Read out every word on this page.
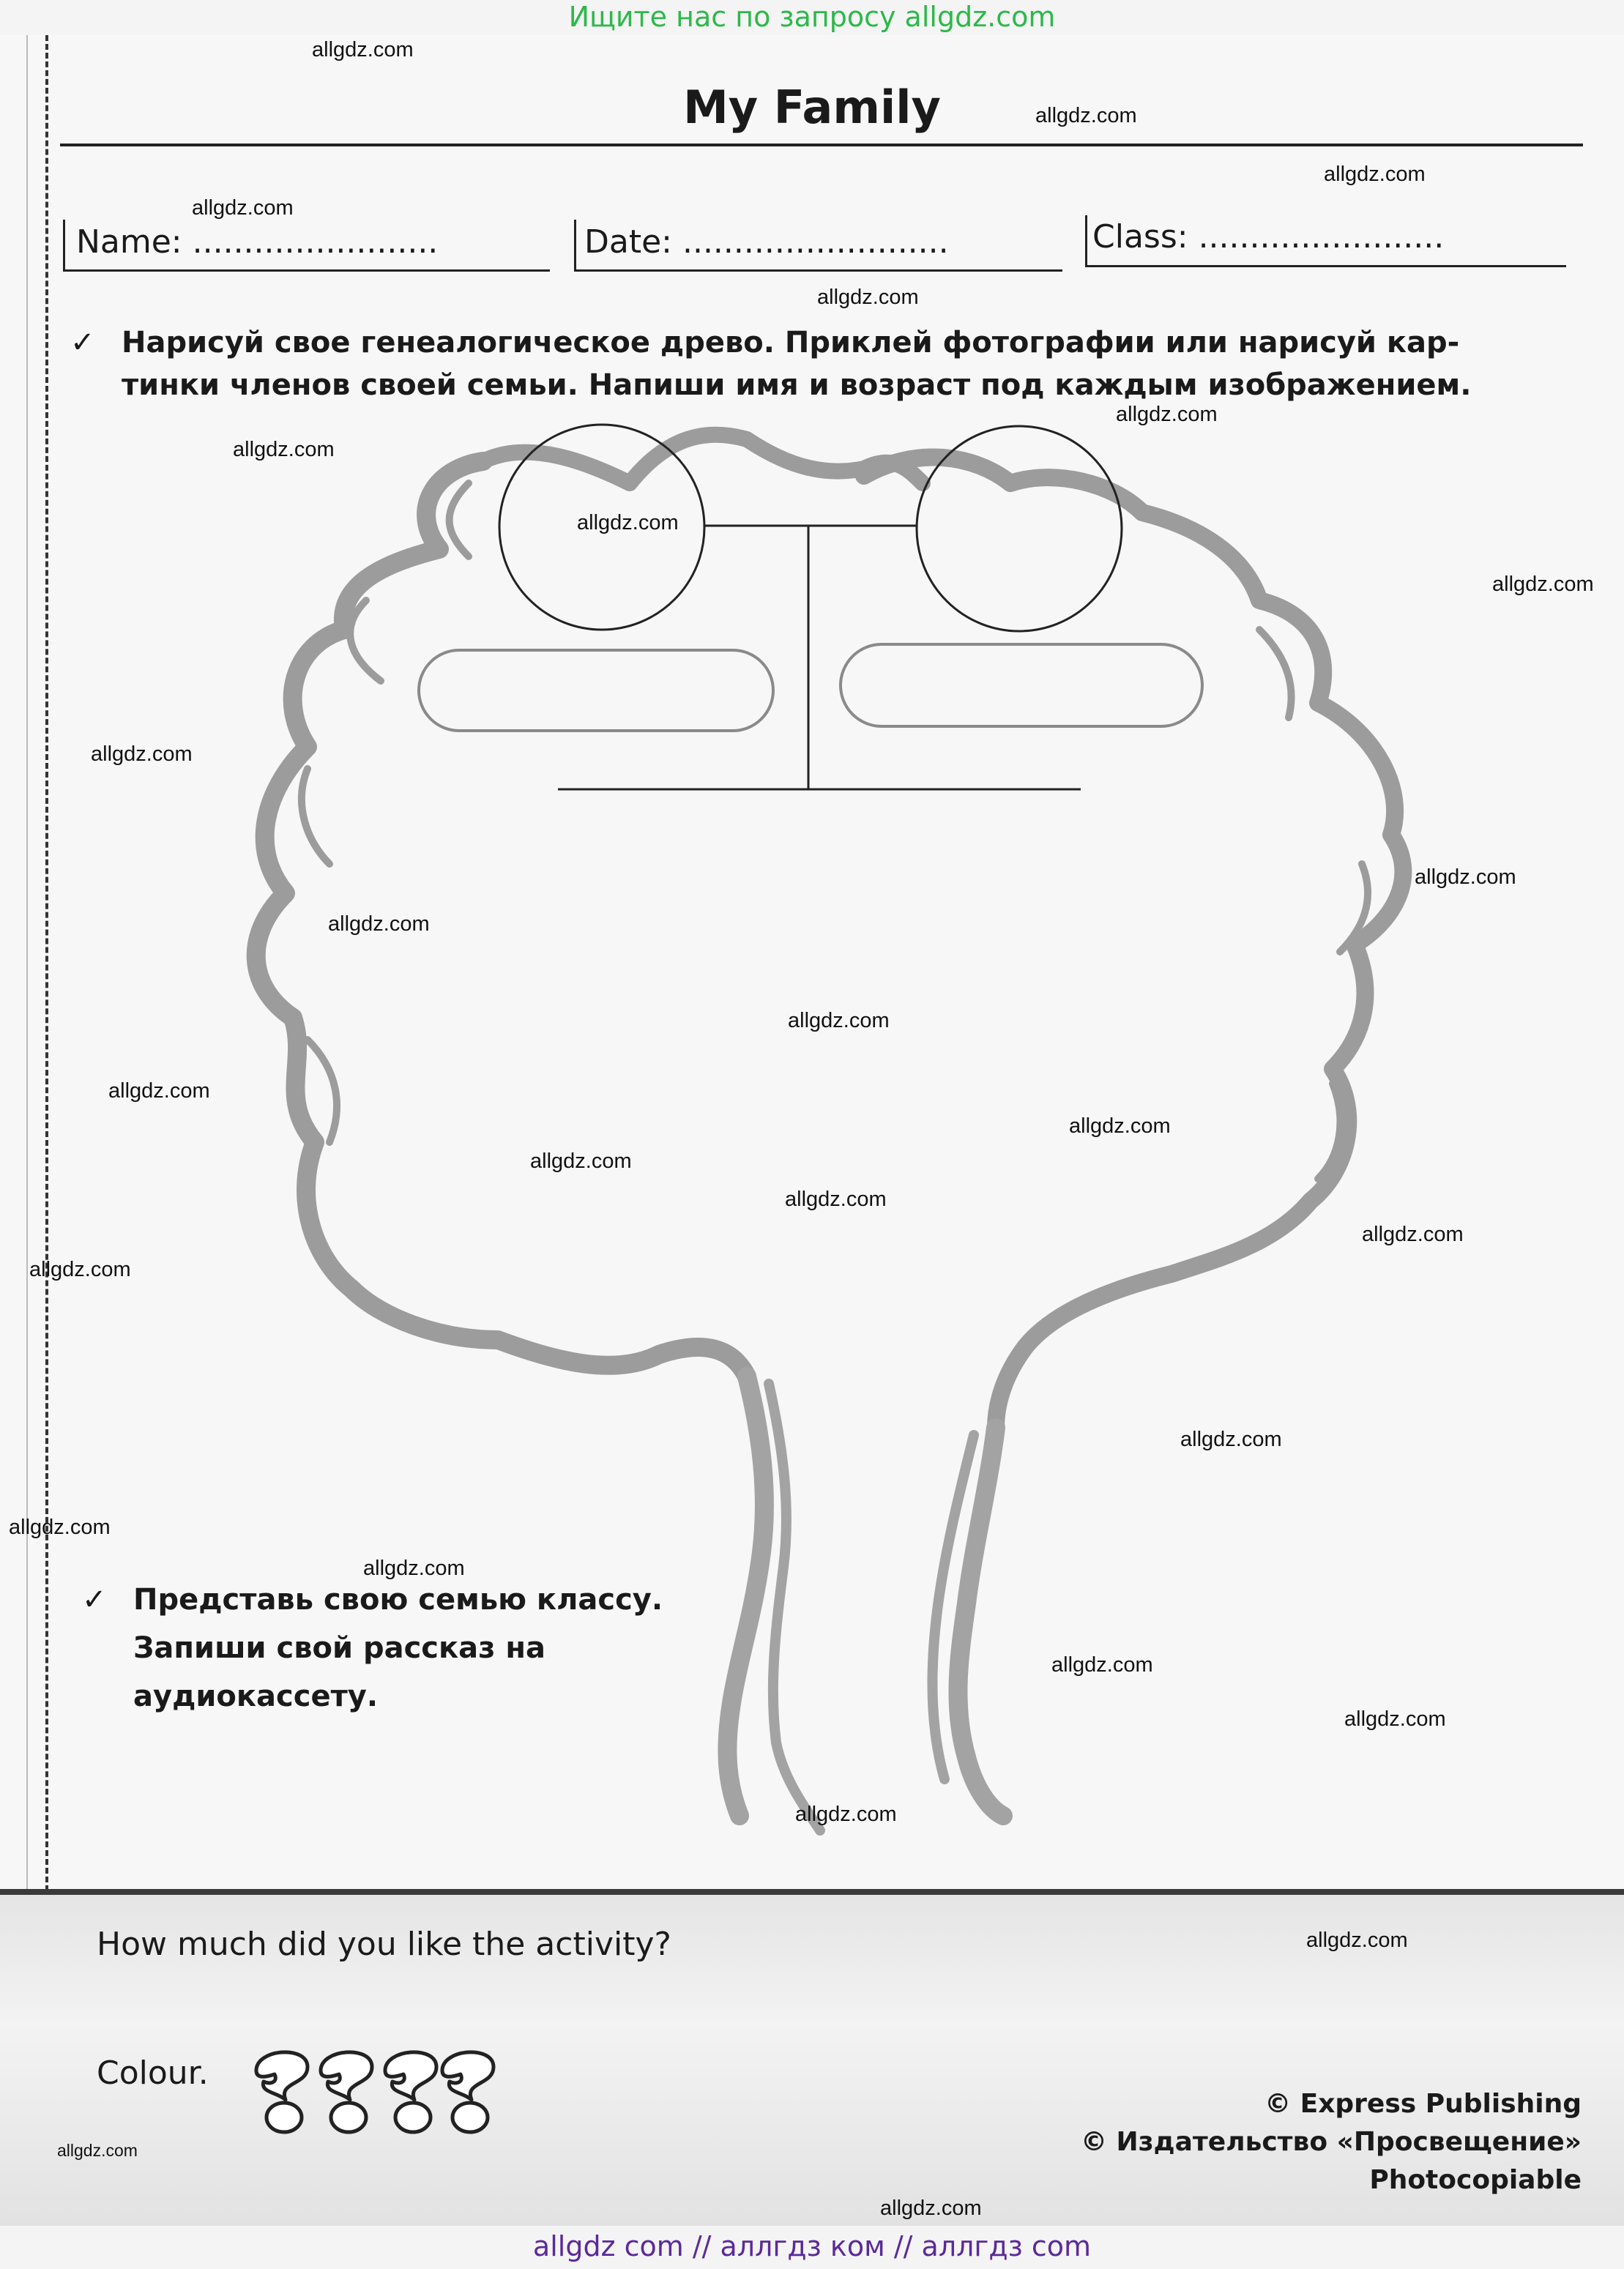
Ищите нас по запросу allgdz.com
My Family
Name: ........................	Date: ..........................	Class: ........................
✓ Нарисуй свое генеалогическое древо. Приклей фотографии или нарисуй кар-
тинки членов своей семьи. Напиши имя и возраст под каждым изображением.
✓ Представь свою семью классу.
Запиши свой рассказ на
аудиокассету.
How much did you like the activity?
Colour.
© Express Publishing
© Издательство «Просвещение»
Photocopiable
allgdz.com
allgdz.com
allgdz.com
allgdz.com
allgdz.com
allgdz.com
allgdz.com
allgdz.com
allgdz.com
allgdz.com
allgdz.com
allgdz.com
allgdz.com
allgdz.com
allgdz.com
allgdz.com
allgdz.com
allgdz.com
allgdz.com
allgdz.com
allgdz.com
allgdz.com
allgdz.com
allgdz.com
allgdz.com
allgdz.com
allgdz.com
allgdz.com
allgdz com // аллгдз ком // аллгдз com
